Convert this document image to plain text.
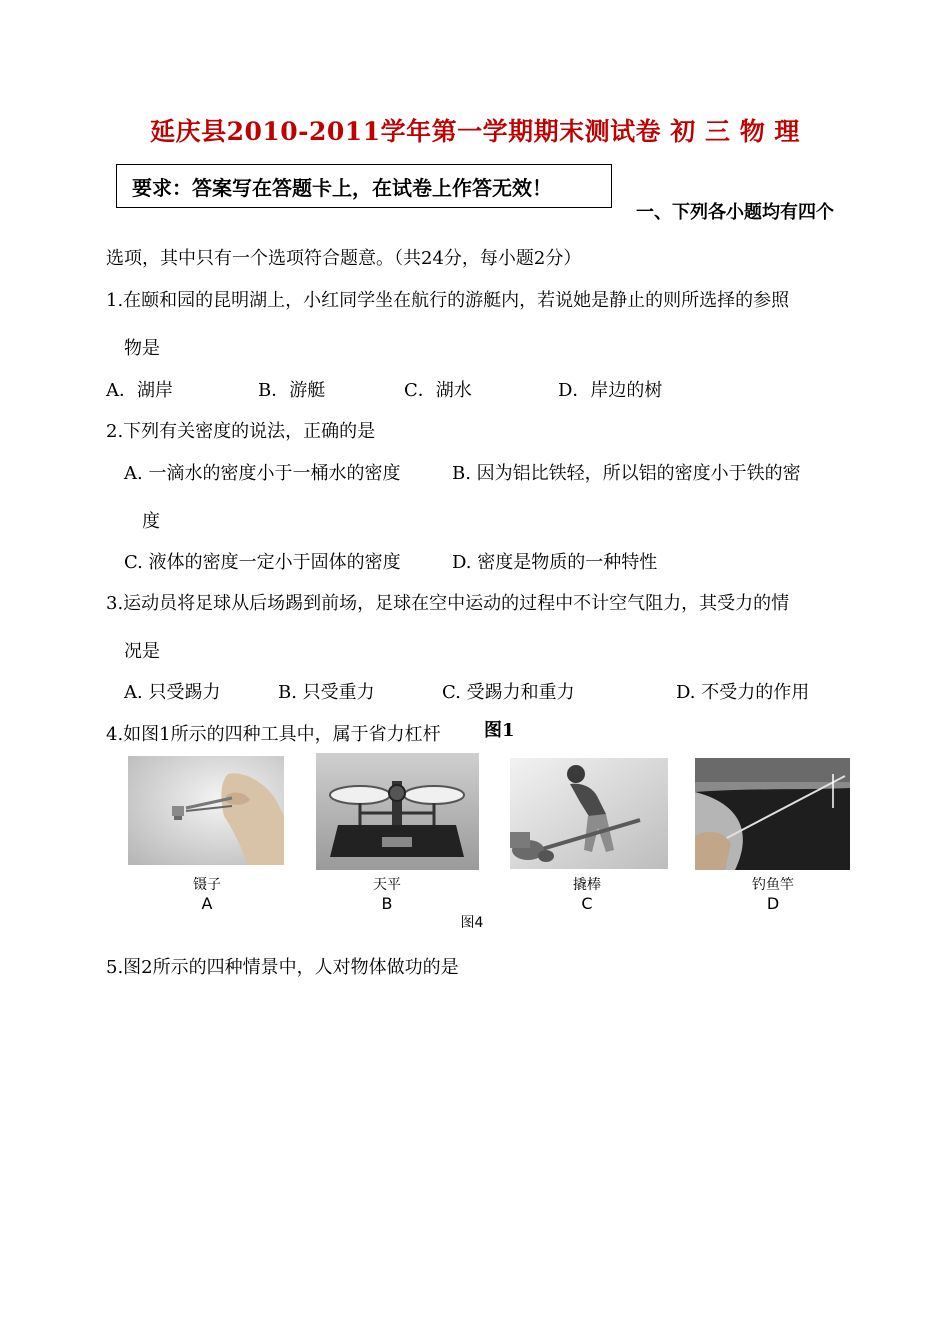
延庆县2010-2011学年第一学期期末测试卷 初 三 物 理
要求：答案写在答题卡上，在试卷上作答无效！
一、下列各小题均有四个
选项，其中只有一个选项符合题意。（共24分，每小题2分）
1.在颐和园的昆明湖上，小红同学坐在航行的游艇内，若说她是静止的则所选择的参照
物是
A．湖岸	B．游艇	C．湖水	D．岸边的树
2.下列有关密度的说法，正确的是
A. 一滴水的密度小于一桶水的密度	B. 因为铝比铁轻，所以铝的密度小于铁的密
度
C. 液体的密度一定小于固体的密度	D. 密度是物质的一种特性
3.运动员将足球从后场踢到前场，足球在空中运动的过程中不计空气阻力，其受力的情
况是
A. 只受踢力	B. 只受重力	C. 受踢力和重力	D. 不受力的作用
4.如图1所示的四种工具中，属于省力杠杆 图1
镊子
A
天平
B
撬棒
C
钓鱼竿
D
图4
5.图2所示的四种情景中，人对物体做功的是
